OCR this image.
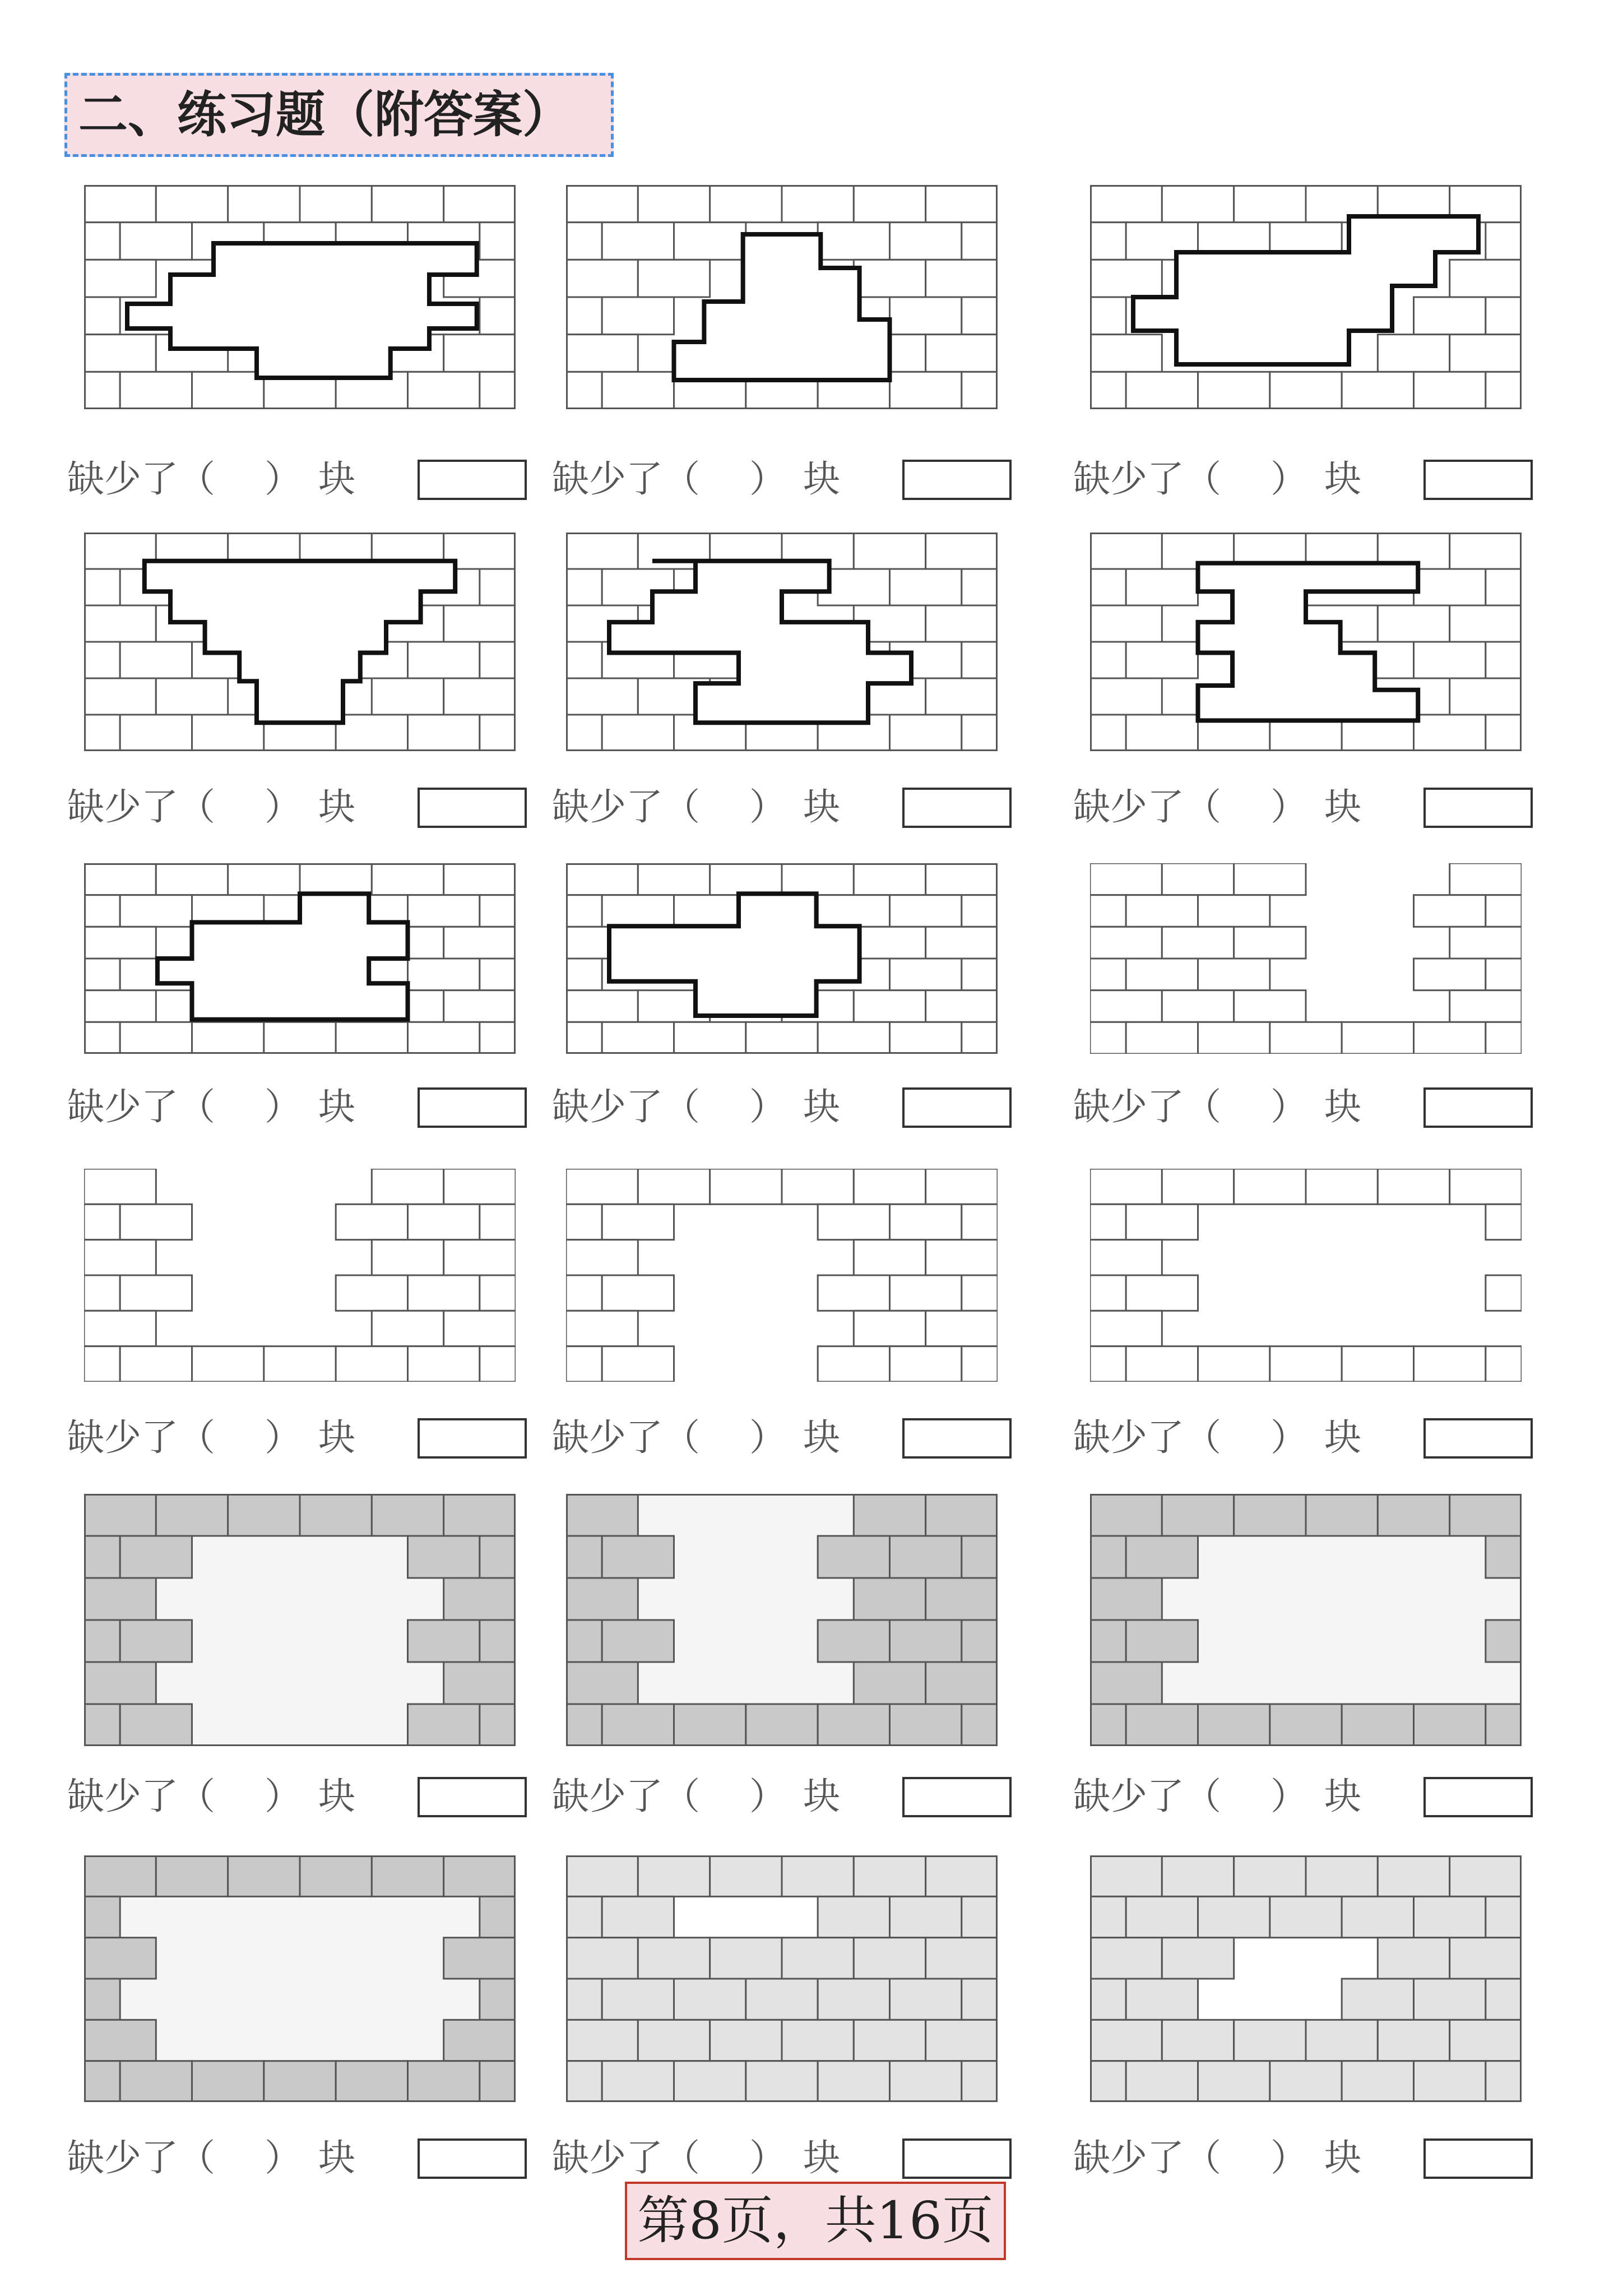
二、练习题（附答案）
缺少了（ ） 块	缺少了（ ） 块	缺少了（ ） 块
缺少了（ ） 块	缺少了（ ） 块	缺少了（ ） 块
缺少了（ ） 块	缺少了（ ） 块	缺少了（ ） 块
缺少了（ ） 块	缺少了（ ） 块	缺少了（ ） 块
缺少了（ ） 块	缺少了（ ） 块	缺少了（ ） 块
缺少了（ ） 块	缺少了（ ） 块	缺少了（ ） 块
第8页，共16页
